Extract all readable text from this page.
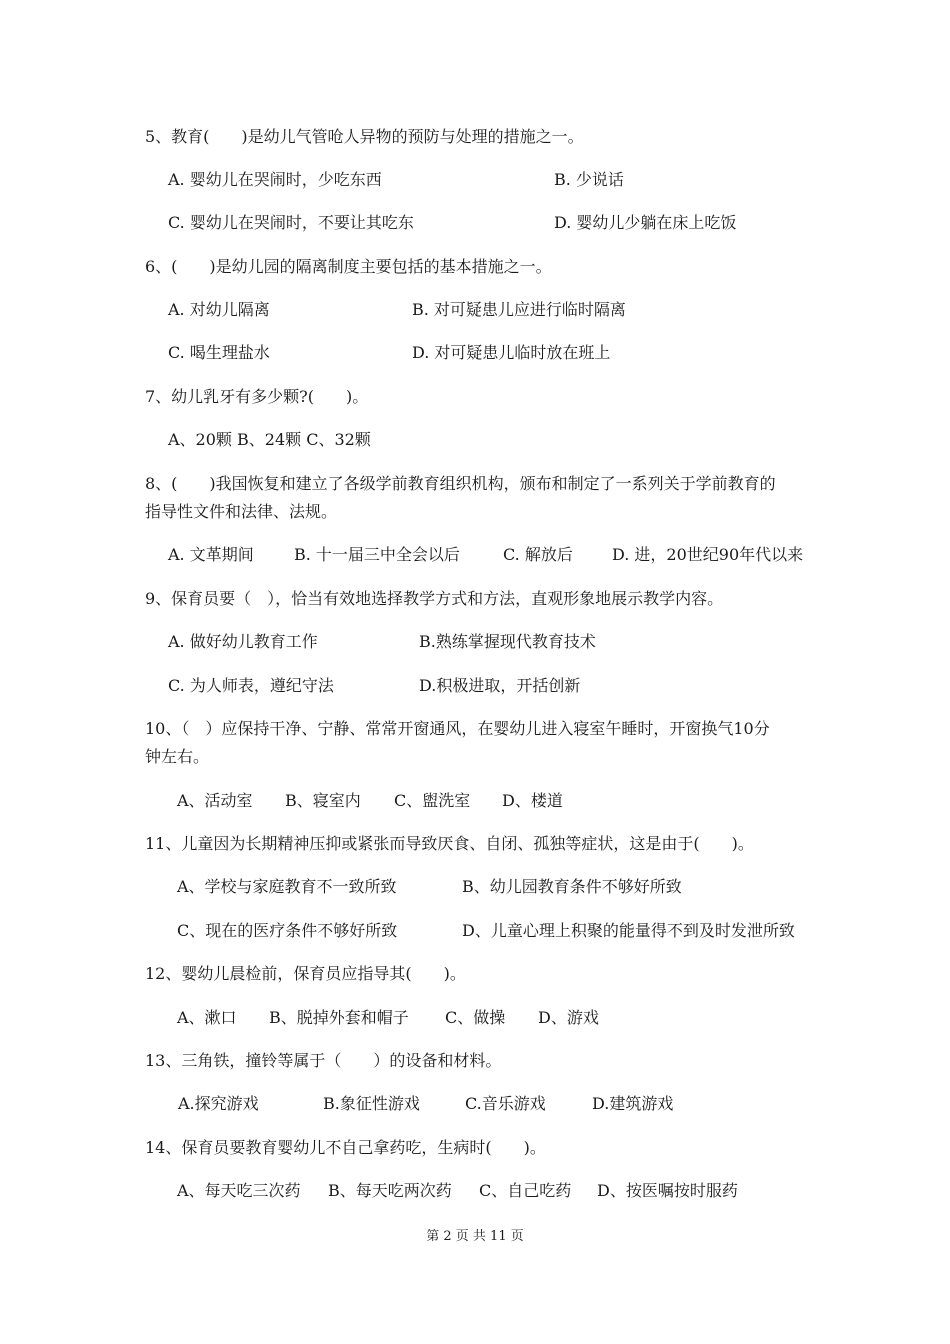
5、教育(　　)是幼儿气管呛人异物的预防与处理的措施之一。
A. 婴幼儿在哭闹时，少吃东西	B. 少说话
C. 婴幼儿在哭闹时，不要让其吃东	D. 婴幼儿少躺在床上吃饭
6、(　　)是幼儿园的隔离制度主要包括的基本措施之一。
A. 对幼儿隔离	B. 对可疑患儿应进行临时隔离
C. 喝生理盐水	D. 对可疑患儿临时放在班上
7、幼儿乳牙有多少颗?(　　)。
A、20颗 B、24颗 C、32颗
8、(　　)我国恢复和建立了各级学前教育组织机构，颁布和制定了一系列关于学前教育的
指导性文件和法律、法规。
A. 文革期间	B. 十一届三中全会以后	C. 解放后 D. 进，20世纪90年代以来
9、保育员要（　），恰当有效地选择教学方式和方法，直观形象地展示教学内容。
A. 做好幼儿教育工作	B.熟练掌握现代教育技术
C. 为人师表，遵纪守法	D.积极进取，开括创新
10、（　）应保持干净、宁静、常常开窗通风，在婴幼儿进入寝室午睡时，开窗换气10分
钟左右。
A、活动室 B、寝室内 C、盥洗室 D、楼道
11、儿童因为长期精神压抑或紧张而导致厌食、自闭、孤独等症状，这是由于(　　)。
A、学校与家庭教育不一致所致	B、幼儿园教育条件不够好所致
C、现在的医疗条件不够好所致	D、儿童心理上积聚的能量得不到及时发泄所致
12、婴幼儿晨检前，保育员应指导其(　　)。
A、漱口 B、脱掉外套和帽子 C、做操 D、游戏
13、三角铁，撞铃等属于（　　）的设备和材料。
A.探究游戏	B.象征性游戏	C.音乐游戏	D.建筑游戏
14、保育员要教育婴幼儿不自己拿药吃，生病时(　　)。
A、每天吃三次药 B、每天吃两次药 C、自己吃药 D、按医嘱按时服药
第 2 页 共 11 页
